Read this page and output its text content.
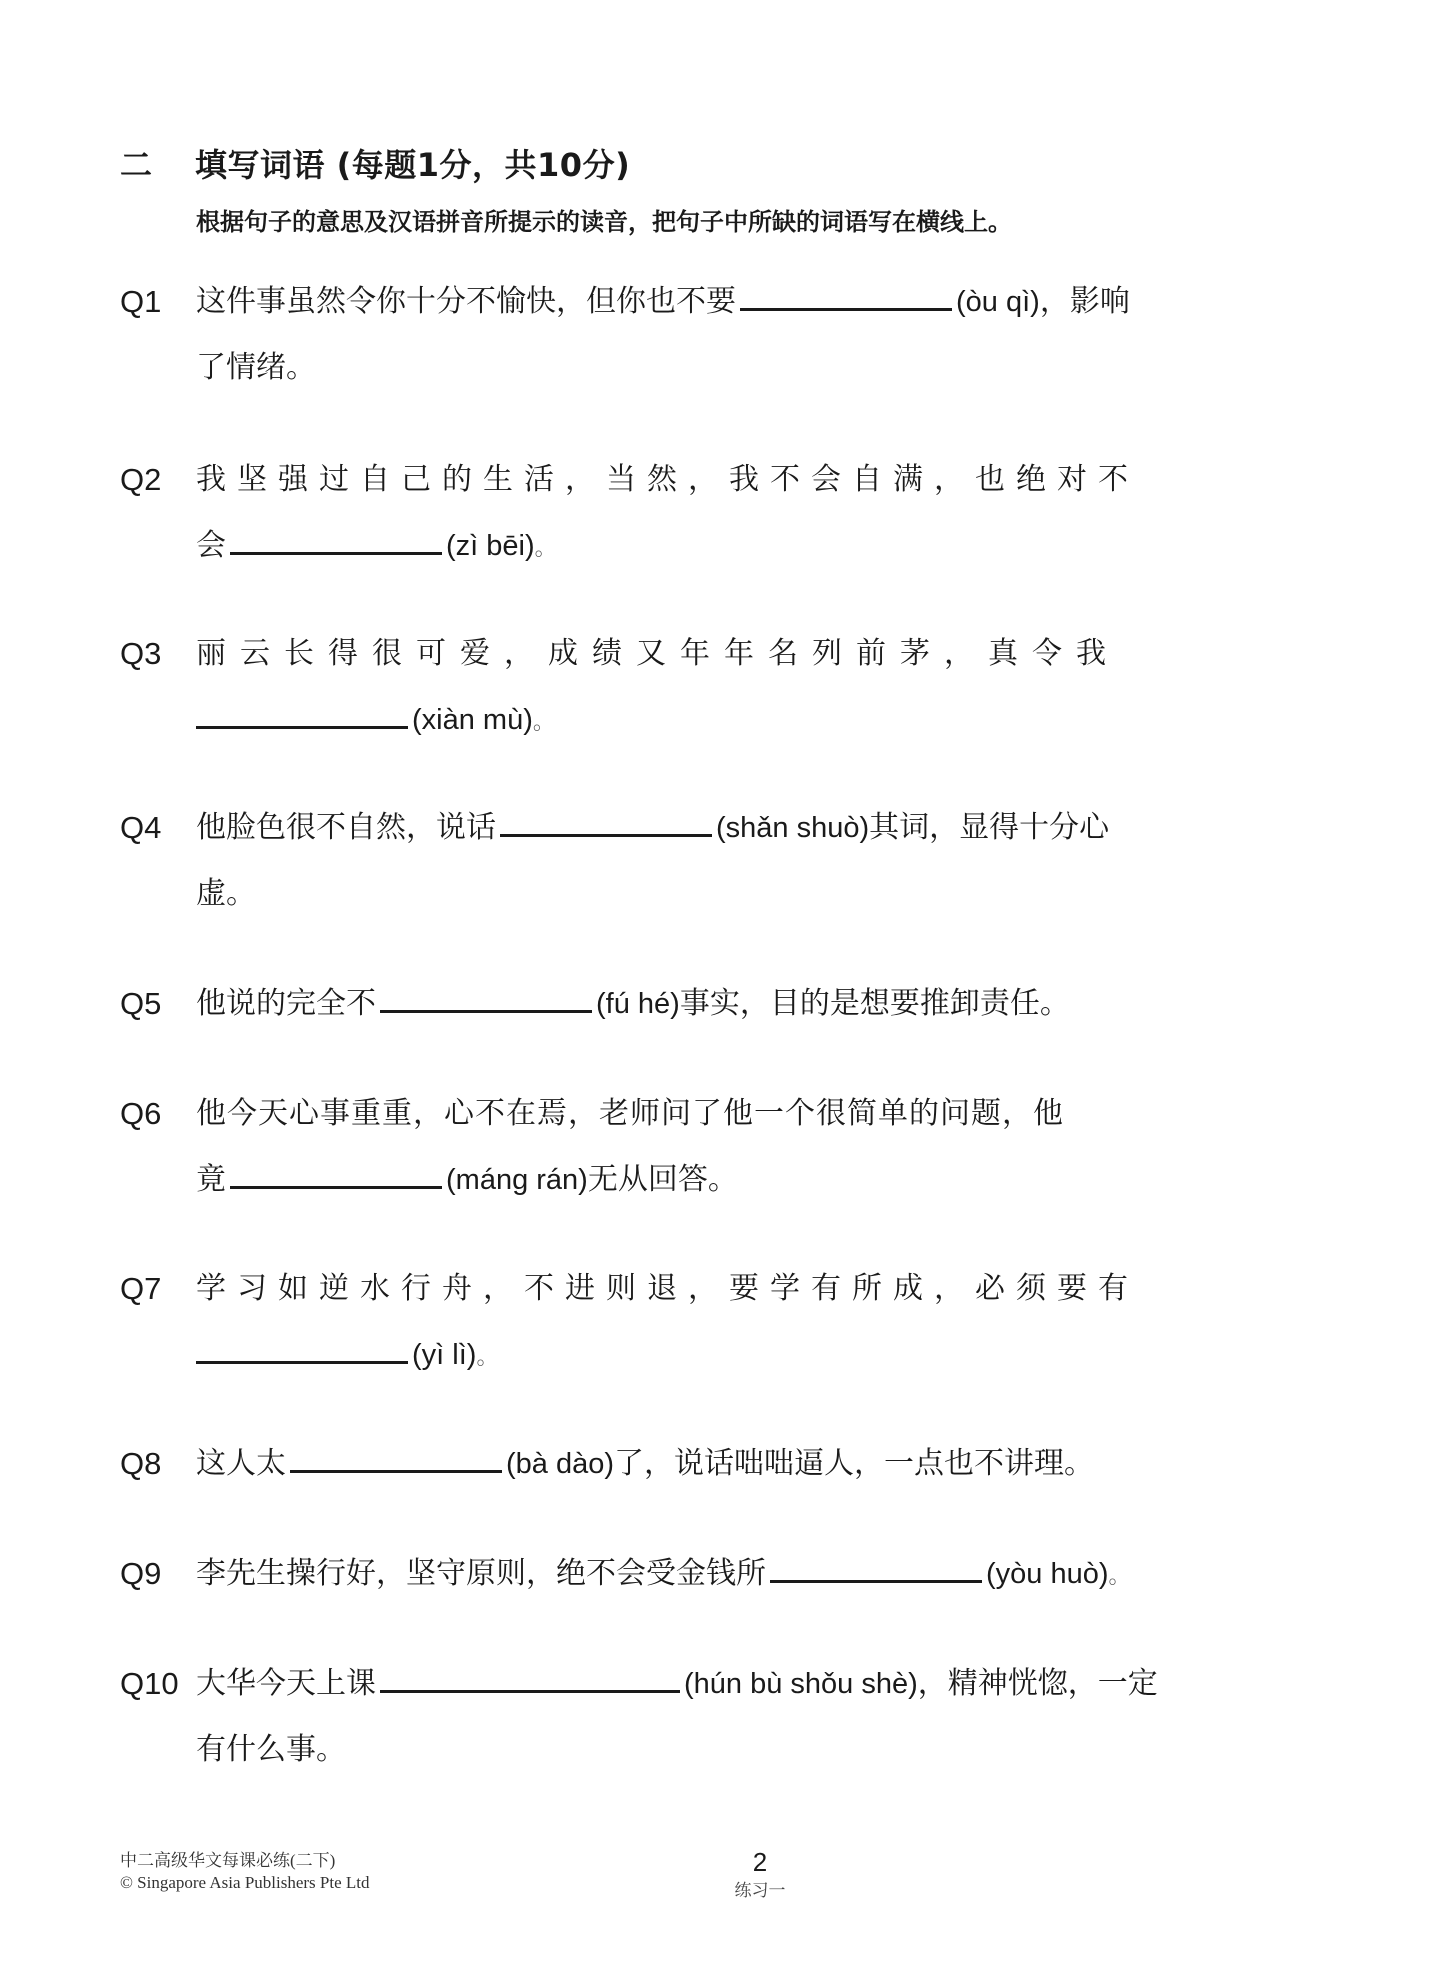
二	填写词语 (每题1分，共10分)
根据句子的意思及汉语拼音所提示的读音，把句子中所缺的词语写在横线上。
Q1 这件事虽然令你十分不愉快，但你也不要	(òu qì)，影响
了情绪。
Q2 我坚强过自己的生活，当然，我不会自满，也绝对不
会	(zì bēi)。
Q3 丽云长得很可爱，成绩又年年名列前茅，真令我
(xiàn mù)。
Q4 他脸色很不自然，说话	(shǎn shuò)其词，显得十分心
虚。
Q5 他说的完全不	(fú hé)事实，目的是想要推卸责任。
Q6 他今天心事重重，心不在焉，老师问了他一个很简单的问题，他
竟	(máng rán)无从回答。
Q7 学习如逆水行舟，不进则退，要学有所成，必须要有
(yì lì)。
Q8 这人太	(bà dào)了，说话咄咄逼人，一点也不讲理。
Q9 李先生操行好，坚守原则，绝不会受金钱所	(yòu huò)。
Q10 大华今天上课	(hún bù shǒu shè)，精神恍惚，一定
有什么事。
中二高级华文每课必练(二下)
© Singapore Asia Publishers Pte Ltd
2
练习一
